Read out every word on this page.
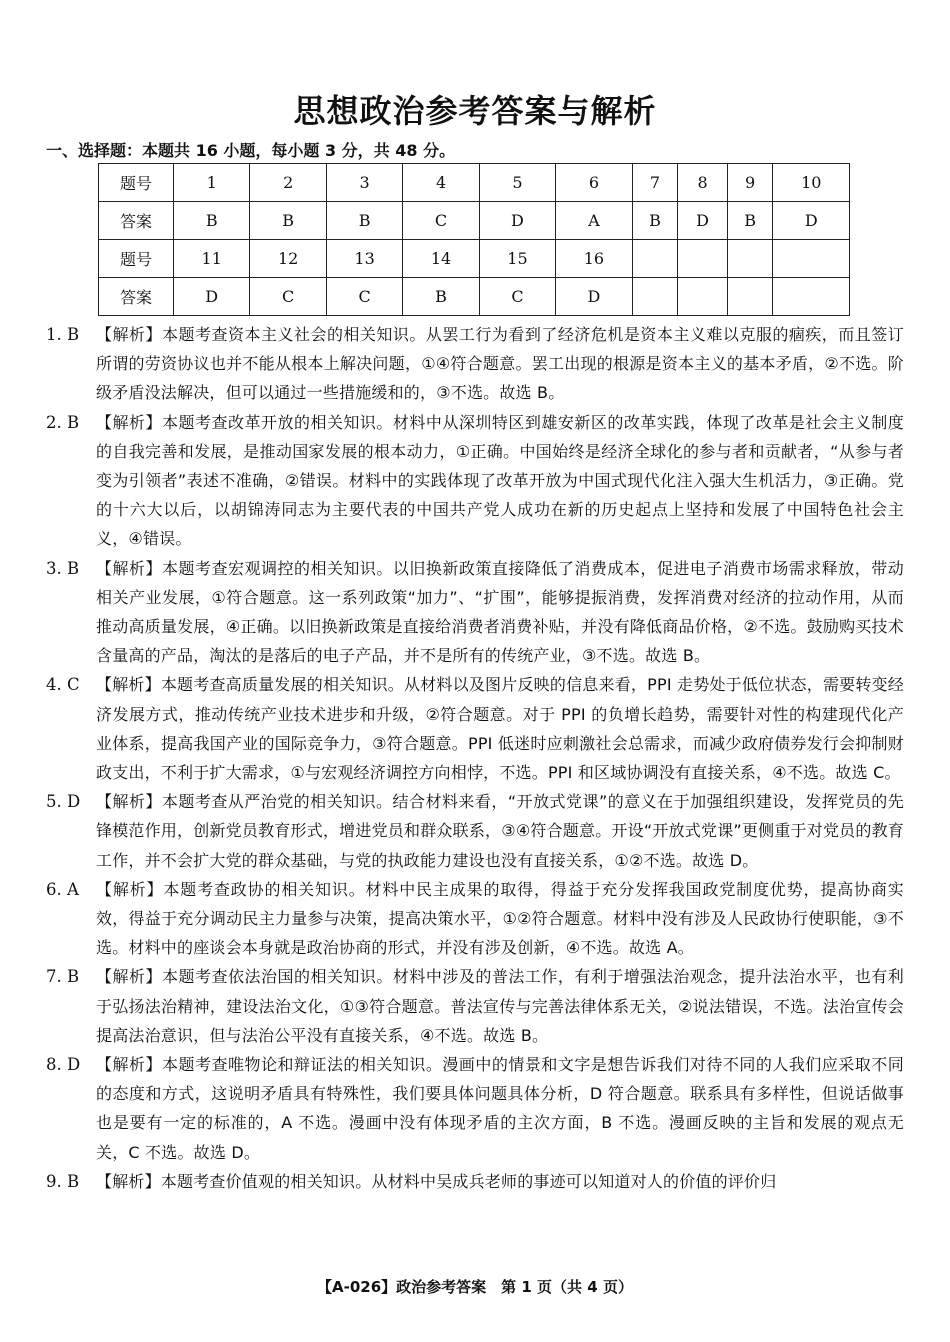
思想政治参考答案与解析
一、选择题：本题共 16 小题，每小题 3 分，共 48 分。
题号	1	2	3	4	5	6	7	8	9	10
答案	B	B	B	C	D	A	B	D	B	D
题号	11	12	13	14	15	16				
答案	D	C	C	B	C	D				
1. B	【解析】本题考查资本主义社会的相关知识。从罢工行为看到了经济危机是资本主义难以克服的痼疾，而且签订所谓的劳资协议也并不能从根本上解决问题，①④符合题意。罢工出现的根源是资本主义的基本矛盾，②不选。阶级矛盾没法解决，但可以通过一些措施缓和的，③不选。故选 B。
2. B	【解析】本题考查改革开放的相关知识。材料中从深圳特区到雄安新区的改革实践，体现了改革是社会主义制度的自我完善和发展，是推动国家发展的根本动力，①正确。中国始终是经济全球化的参与者和贡献者，“从参与者变为引领者”表述不准确，②错误。材料中的实践体现了改革开放为中国式现代化注入强大生机活力，③正确。党的十六大以后，以胡锦涛同志为主要代表的中国共产党人成功在新的历史起点上坚持和发展了中国特色社会主义，④错误。
3. B	【解析】本题考查宏观调控的相关知识。以旧换新政策直接降低了消费成本，促进电子消费市场需求释放，带动相关产业发展，①符合题意。这一系列政策“加力”、“扩围”，能够提振消费，发挥消费对经济的拉动作用，从而推动高质量发展，④正确。以旧换新政策是直接给消费者消费补贴，并没有降低商品价格，②不选。鼓励购买技术含量高的产品，淘汰的是落后的电子产品，并不是所有的传统产业，③不选。故选 B。
4. C	【解析】本题考查高质量发展的相关知识。从材料以及图片反映的信息来看，PPI 走势处于低位状态，需要转变经济发展方式，推动传统产业技术进步和升级，②符合题意。对于 PPI 的负增长趋势，需要针对性的构建现代化产业体系，提高我国产业的国际竞争力，③符合题意。PPI 低迷时应刺激社会总需求，而减少政府债券发行会抑制财政支出，不利于扩大需求，①与宏观经济调控方向相悖，不选。PPI 和区域协调没有直接关系，④不选。故选 C。
5. D 【解析】本题考查从严治党的相关知识。结合材料来看，“开放式党课”的意义在于加强组织建设，发挥党员的先锋模范作用，创新党员教育形式，增进党员和群众联系，③④符合题意。开设“开放式党课”更侧重于对党员的教育工作，并不会扩大党的群众基础，与党的执政能力建设也没有直接关系，①②不选。故选 D。
6. A	【解析】本题考查政协的相关知识。材料中民主成果的取得，得益于充分发挥我国政党制度优势，提高协商实效，得益于充分调动民主力量参与决策，提高决策水平，①②符合题意。材料中没有涉及人民政协行使职能，③不选。材料中的座谈会本身就是政治协商的形式，并没有涉及创新，④不选。故选 A。
7. B	【解析】本题考查依法治国的相关知识。材料中涉及的普法工作，有利于增强法治观念，提升法治水平，也有利于弘扬法治精神，建设法治文化，①③符合题意。普法宣传与完善法律体系无关，②说法错误，不选。法治宣传会提高法治意识，但与法治公平没有直接关系，④不选。故选 B。
8. D 【解析】本题考查唯物论和辩证法的相关知识。漫画中的情景和文字是想告诉我们对待不同的人我们应采取不同的态度和方式，这说明矛盾具有特殊性，我们要具体问题具体分析，D 符合题意。联系具有多样性，但说话做事也是要有一定的标准的，A 不选。漫画中没有体现矛盾的主次方面，B 不选。漫画反映的主旨和发展的观点无关，C 不选。故选 D。
9. B	【解析】本题考查价值观的相关知识。从材料中吴成兵老师的事迹可以知道对人的价值的评价归
【A-026】政治参考答案　第 1 页（共 4 页）
